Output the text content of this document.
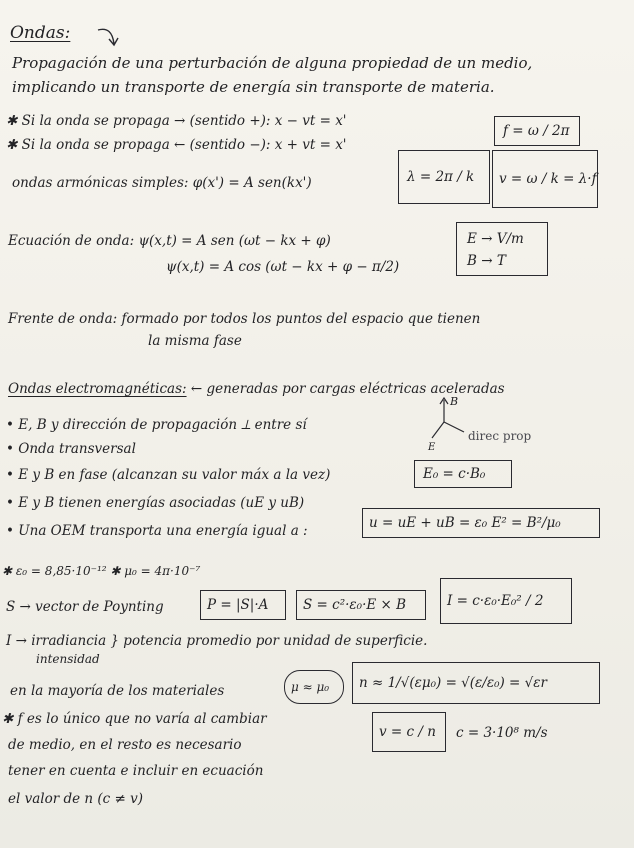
Ondas:
Propagación de una perturbación de alguna propiedad de un medio,
implicando un transporte de energía sin transporte de materia.
✱ Si la onda se propaga → (sentido +): x − vt = x'
✱ Si la onda se propaga ← (sentido −): x + vt = x'
f = ω / 2π
ondas armónicas simples: φ(x') = A sen(kx')	λ = 2π / k v = ω / k = λ·f
Ecuación de onda: ψ(x,t) = A sen (ωt − kx + φ)
ψ(x,t) = A cos (ωt − kx + φ − π/2)
E → V/m
B → T
Frente de onda: formado por todos los puntos del espacio que tienen
la misma fase
Ondas electromagnéticas: ← generadas por cargas eléctricas aceleradas
B
E
direc prop
• E, B y dirección de propagación ⟂ entre sí
• Onda transversal
• E y B en fase (alcanzan su valor máx a la vez)
• E y B tienen energías asociadas (uE y uB)
• Una OEM transporta una energía igual a :
E₀ = c·B₀
u = uE + uB = ε₀ E² = B²/μ₀
✱ ε₀ = 8,85·10⁻¹² ✱ μ₀ = 4π·10⁻⁷
S → vector de Poynting	P = |S|·A	S = c²·ε₀·E × B	I = c·ε₀·E₀² / 2
I → irradiancia } potencia promedio por unidad de superficie.
intensidad
en la mayoría de los materiales	μ ≈ μ₀ n ≈ 1/√(εμ₀) = √(ε/ε₀) = √εr
✱ f es lo único que no varía al cambiar
de medio, en el resto es necesario
tener en cuenta e incluir en ecuación
el valor de n (c ≠ v)
v = c / n c = 3·10⁸ m/s
